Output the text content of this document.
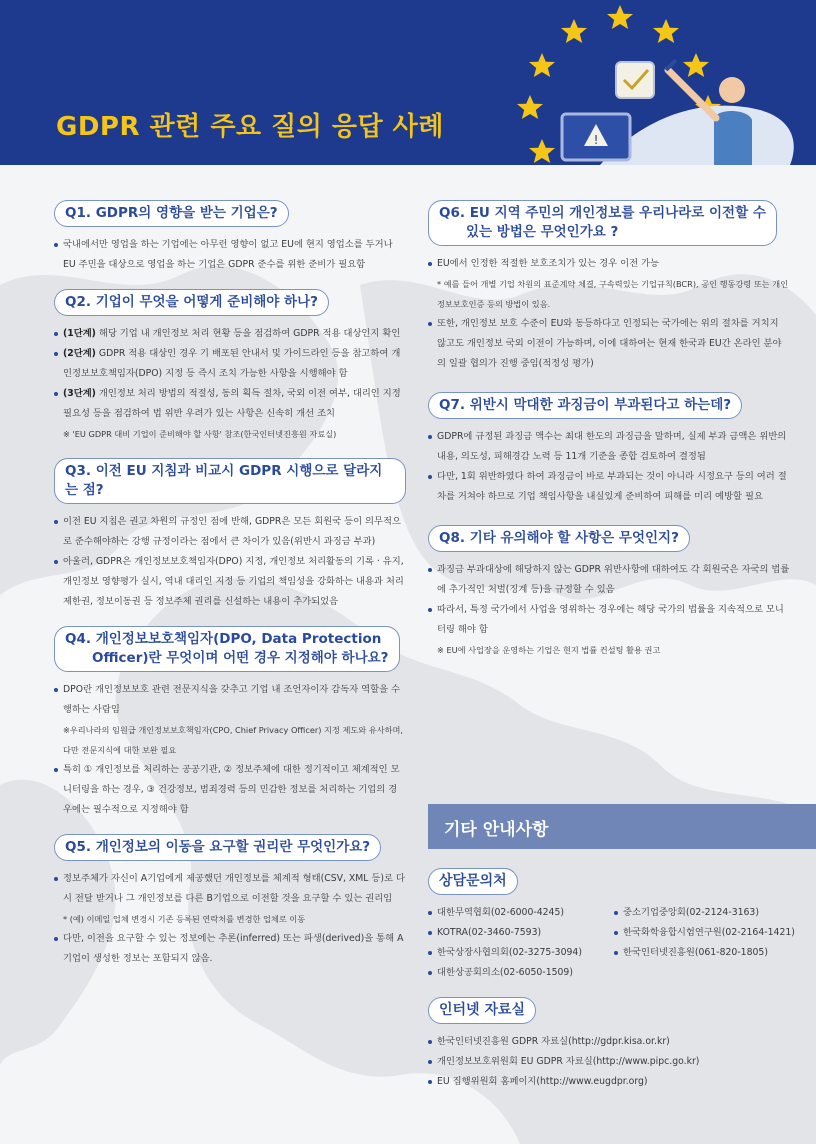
!
GDPR 관련 주요 질의 응답 사례
Q1. GDPR의 영향을 받는 기업은?
국내에서만 영업을 하는 기업에는 아무런 영향이 없고 EU에 현지 영업소를 두거나 EU 주민을 대상으로 영업을 하는 기업은 GDPR 준수를 위한 준비가 필요함
Q2. 기업이 무엇을 어떻게 준비해야 하나?
(1단계) 해당 기업 내 개인정보 처리 현황 등을 점검하여 GDPR 적용 대상인지 확인
(2단계) GDPR 적용 대상인 경우 기 배포된 안내서 및 가이드라인 등을 참고하여 개인정보보호책임자(DPO) 지정 등 즉시 조치 가능한 사항을 시행해야 함
(3단계) 개인정보 처리 방법의 적절성, 동의 획득 절차, 국외 이전 여부, 대리인 지정 필요성 등을 점검하여 법 위반 우려가 있는 사항은 신속히 개선 조치
※ 'EU GDPR 대비 기업이 준비해야 할 사항' 참조(한국인터넷진흥원 자료실)
Q3. 이전 EU 지침과 비교시 GDPR 시행으로 달라지는 점?
이전 EU 지침은 권고 차원의 규정인 점에 반해, GDPR은 모든 회원국 등이 의무적으로 준수해야하는 강행 규정이라는 점에서 큰 차이가 있음(위반시 과징금 부과)
아울러, GDPR은 개인정보보호책임자(DPO) 지정, 개인정보 처리활동의 기록 · 유지, 개인정보 영향평가 실시, 역내 대리인 지정 등 기업의 책임성을 강화하는 내용과 처리제한권, 정보이동권 등 정보주체 권리를 신설하는 내용이 추가되었음
Q4. 개인정보보호책임자(DPO, Data Protection
Officer)란 무엇이며 어떤 경우 지정해야 하나요?
DPO란 개인정보보호 관련 전문지식을 갖추고 기업 내 조언자이자 감독자 역할을 수행하는 사람임
※우리나라의 임원급 개인정보보호책임자(CPO, Chief Privacy Officer) 지정 제도와 유사하며, 다만 전문지식에 대한 보완 필요
특히 ① 개인정보를 처리하는 공공기관, ② 정보주체에 대한 정기적이고 체계적인 모니터링을 하는 경우, ③ 건강정보, 범죄경력 등의 민감한 정보를 처리하는 기업의 경우에는 필수적으로 지정해야 함
Q5. 개인정보의 이동을 요구할 권리란 무엇인가요?
정보주체가 자신이 A기업에게 제공했던 개인정보를 체계적 형태(CSV, XML 등)로 다시 전달 받거나 그 개인정보를 다른 B기업으로 이전할 것을 요구할 수 있는 권리임
* (예) 이메일 업체 변경시 기존 등록된 연락처를 변경한 업체로 이동
다만, 이전을 요구할 수 있는 정보에는 추론(inferred) 또는 파생(derived)을 통해 A기업이 생성한 정보는 포함되지 않음.
Q6. EU 지역 주민의 개인정보를 우리나라로 이전할 수
있는 방법은 무엇인가요 ?
EU에서 인정한 적절한 보호조치가 있는 경우 이전 가능
* 예를 들어 개별 기업 차원의 표준계약 체결, 구속력있는 기업규칙(BCR), 공인 행동강령 또는 개인정보보호인증 등의 방법이 있음.
또한, 개인정보 보호 수준이 EU와 동등하다고 인정되는 국가에는 위의 절차를 거치지 않고도 개인정보 국외 이전이 가능하며, 이에 대하여는 현재 한국과 EU간 온라인 분야의 일괄 협의가 진행 중임(적정성 평가)
Q7. 위반시 막대한 과징금이 부과된다고 하는데?
GDPR에 규정된 과징금 액수는 최대 한도의 과징금을 말하며, 실제 부과 금액은 위반의 내용, 의도성, 피해경감 노력 등 11개 기준을 종합 검토하여 결정됨
다만, 1회 위반하였다 하여 과징금이 바로 부과되는 것이 아니라 시정요구 등의 여러 절차를 거쳐야 하므로 기업 책임사항을 내실있게 준비하여 피해를 미리 예방할 필요
Q8. 기타 유의해야 할 사항은 무엇인지?
과징금 부과대상에 해당하지 않는 GDPR 위반사항에 대하여도 각 회원국은 자국의 법률에 추가적인 처벌(징계 등)을 규정할 수 있음
따라서, 특정 국가에서 사업을 영위하는 경우에는 해당 국가의 법률을 지속적으로 모니터링 해야 함
※ EU에 사업장을 운영하는 기업은 현지 법률 컨설팅 활용 권고
기타 안내사항
상담문의처
대한무역협회(02-6000-4245)
KOTRA(02-3460-7593)
한국상장사협의회(02-3275-3094)
대한상공회의소(02-6050-1509)
중소기업중앙회(02-2124-3163)
한국화학융합시험연구원(02-2164-1421)
한국인터넷진흥원(061-820-1805)
인터넷 자료실
한국인터넷진흥원 GDPR 자료실(http://gdpr.kisa.or.kr)
개인정보보호위원회 EU GDPR 자료실(http://www.pipc.go.kr)
EU 집행위원회 홈페이지(http://www.eugdpr.org)
